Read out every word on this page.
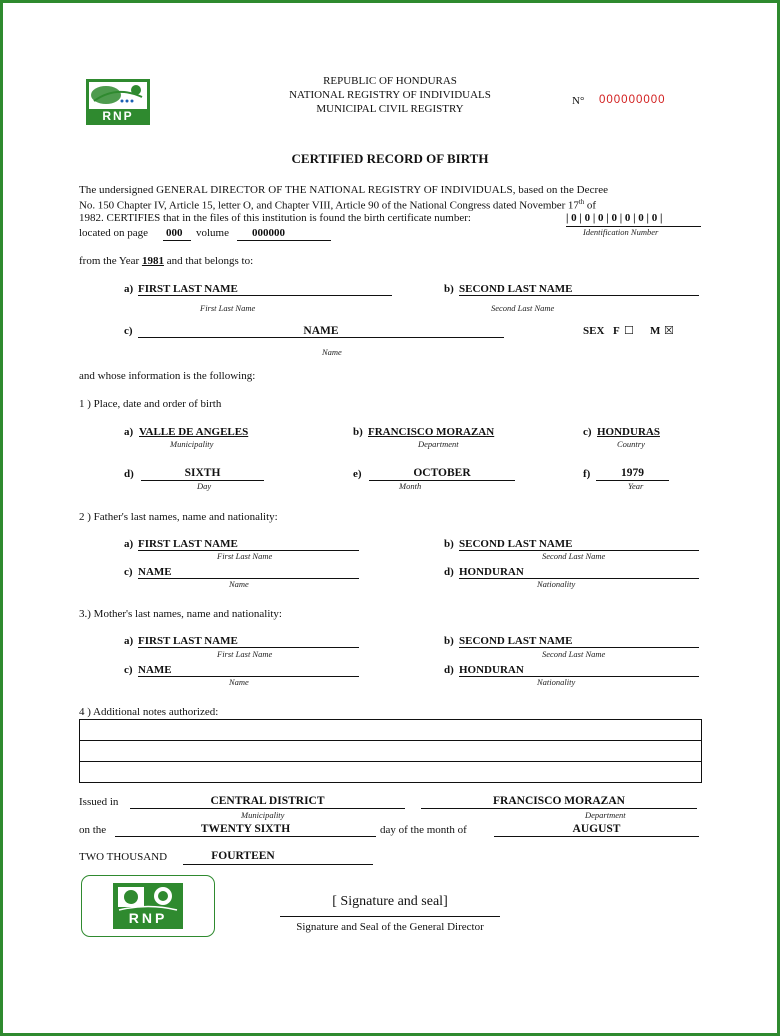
RNP
REPUBLIC OF HONDURAS
NATIONAL REGISTRY OF INDIVIDUALS
MUNICIPAL CIVIL REGISTRY
N° 000000000
CERTIFIED RECORD OF BIRTH
The undersigned GENERAL DIRECTOR OF THE NATIONAL REGISTRY OF INDIVIDUALS, based on the Decree
No. 150 Chapter IV, Article 15, letter O, and Chapter VIII, Article 90 of the National Congress dated November 17th of
1982. CERTIFIES that in the files of this institution is found the birth certificate number:	| 0 | 0 | 0 | 0 | 0 | 0 | 0 |
Identification Number
located on page 000 volume 000000
from the Year 1981 and that belongs to:
a) FIRST LAST NAME
First Last Name
b) SECOND LAST NAME
Second Last Name
c)	NAME
Name
SEX F ☐ M ☒
and whose information is the following:
1 ) Place, date and order of birth
a) VALLE DE ANGELES
Municipality
b) FRANCISCO MORAZAN
Department
c) HONDURAS
Country
d)	SIXTH
Day
e)	OCTOBER
Month
f)	1979
Year
2 ) Father's last names, name and nationality:
a) FIRST LAST NAME
First Last Name
b) SECOND LAST NAME
Second Last Name
c) NAME
Name
d) HONDURAN
Nationality
3.) Mother's last names, name and nationality:
a) FIRST LAST NAME
First Last Name
b) SECOND LAST NAME
Second Last Name
c) NAME
Name
d) HONDURAN
Nationality
4 ) Additional notes authorized:
Issued in	CENTRAL DISTRICT
Municipality
FRANCISCO MORAZAN
Department
on the	TWENTY SIXTH	day of the month of	AUGUST
TWO THOUSAND	FOURTEEN
RNP
[ Signature and seal]
Signature and Seal of the General Director
